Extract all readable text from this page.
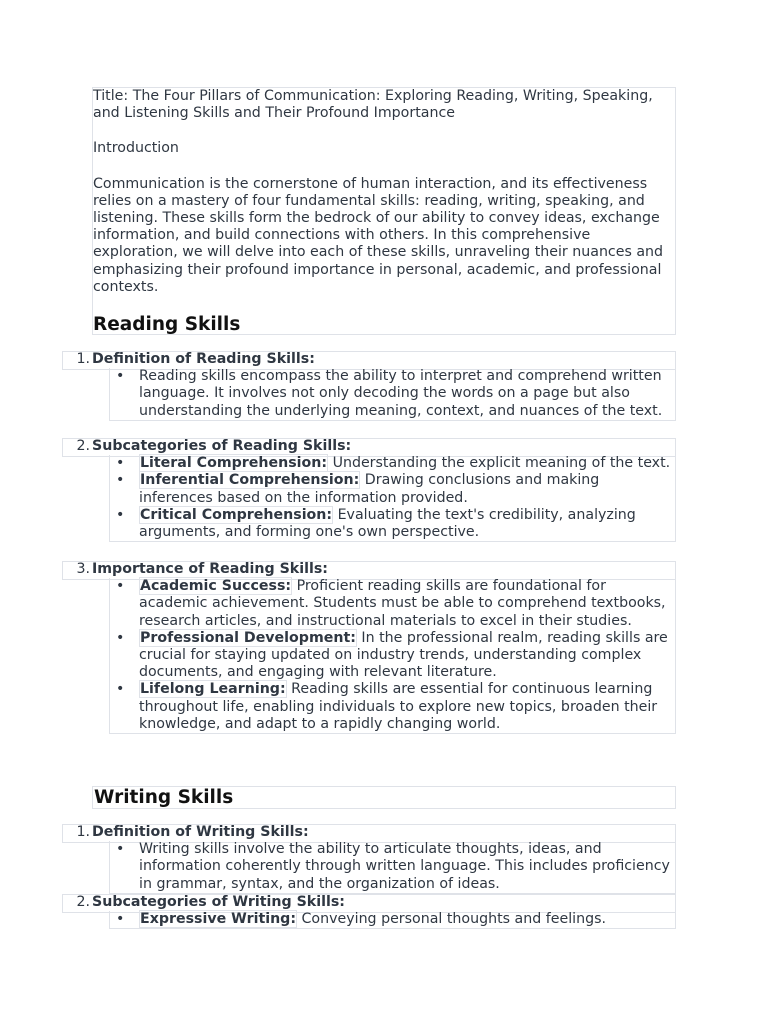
Title: The Four Pillars of Communication: Exploring Reading, Writing, Speaking, and Listening Skills and Their Profound Importance

Introduction

Communication is the cornerstone of human interaction, and its effectiveness relies on a mastery of four fundamental skills: reading, writing, speaking, and listening. These skills form the bedrock of our ability to convey ideas, exchange information, and build connections with others. In this comprehensive exploration, we will delve into each of these skills, unraveling their nuances and emphasizing their profound importance in personal, academic, and professional contexts.

Reading Skills
1. Definition of Reading Skills:
• Reading skills encompass the ability to interpret and comprehend written language. It involves not only decoding the words on a page but also understanding the underlying meaning, context, and nuances of the text.
2. Subcategories of Reading Skills:
• Literal Comprehension: Understanding the explicit meaning of the text.
• Inferential Comprehension: Drawing conclusions and making inferences based on the information provided.
• Critical Comprehension: Evaluating the text's credibility, analyzing arguments, and forming one's own perspective.
3. Importance of Reading Skills:
• Academic Success: Proficient reading skills are foundational for academic achievement. Students must be able to comprehend textbooks, research articles, and instructional materials to excel in their studies.
• Professional Development: In the professional realm, reading skills are crucial for staying updated on industry trends, understanding complex documents, and engaging with relevant literature.
• Lifelong Learning: Reading skills are essential for continuous learning throughout life, enabling individuals to explore new topics, broaden their knowledge, and adapt to a rapidly changing world.
Writing Skills
1. Definition of Writing Skills:
• Writing skills involve the ability to articulate thoughts, ideas, and information coherently through written language. This includes proficiency in grammar, syntax, and the organization of ideas.
2. Subcategories of Writing Skills:
• Expressive Writing: Conveying personal thoughts and feelings.
